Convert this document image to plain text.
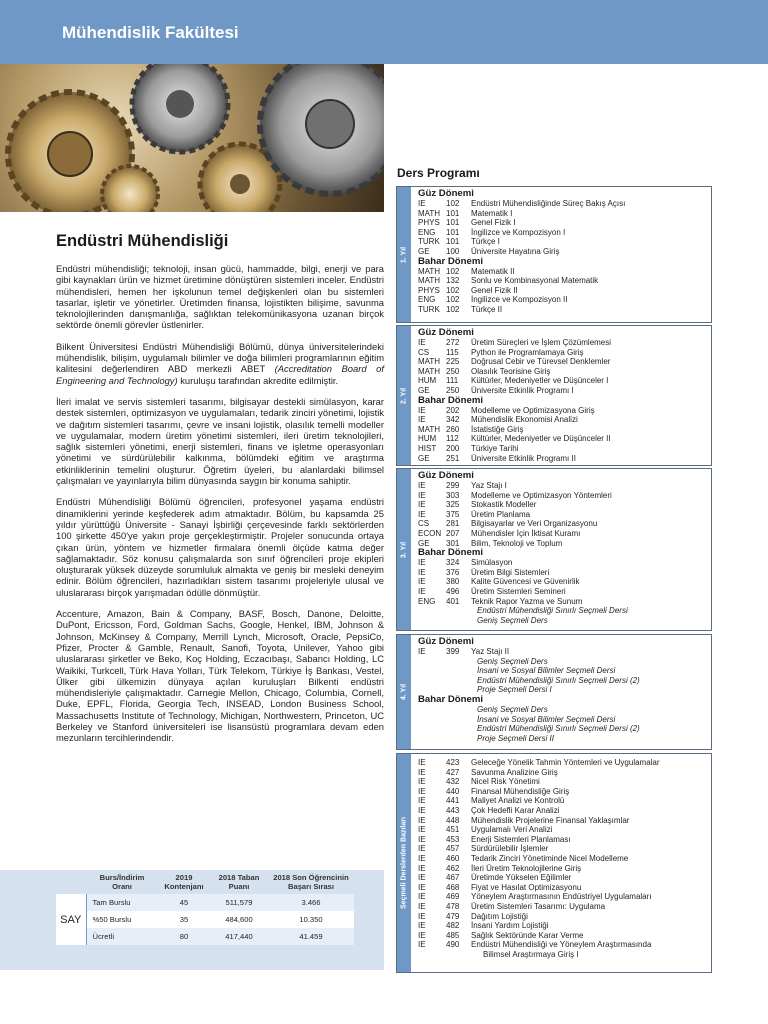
Mühendislik Fakültesi
Endüstri Mühendisliği

Endüstri mühendisliği; teknoloji, insan gücü, hammadde, bilgi, enerji ve para gibi kaynakları ürün ve hizmet üretimine dönüştüren sistemleri inceler. Endüstri mühendisleri, hemen her işkolunun temel değişkenleri olan bu sistemleri tasarlar, işletir ve yönetirler. Üretimden finansa, lojistikten bilişime, savunma teknolojilerinden danışmanlığa, sağlıktan telekomünikasyona uzanan birçok sektörde önemli görevler üstlenirler.

Bilkent Üniversitesi Endüstri Mühendisliği Bölümü, dünya üniversitelerindeki mühendislik, bilişim, uygulamalı bilimler ve doğa bilimleri programlarının eğitim kalitesini değerlendiren ABD merkezli ABET (Accreditation Board of Engineering and Technology) kuruluşu tarafından akredite edilmiştir.

İleri imalat ve servis sistemleri tasarımı, bilgisayar destekli simülasyon, karar destek sistemleri, optimizasyon ve uygulamaları, tedarik zinciri yönetimi, lojistik ve dağıtım sistemleri tasarımı, çevre ve insani lojistik, olasılık temelli modeller ve uygulamalar, modern üretim yönetimi sistemleri, ileri üretim teknolojileri, sağlık sistemleri yönetimi, enerji sistemleri, finans ve işletme operasyonları yönetimi ve sürdürülebilir kalkınma, bölümdeki eğitim ve araştırma etkinliklerinin temelini oluşturur. Öğretim üyeleri, bu alanlardaki bilimsel çalışmaları ve yayınlarıyla bilim dünyasında saygın bir konuma sahiptir.

Endüstri Mühendisliği Bölümü öğrencileri, profesyonel yaşama endüstri dinamiklerini yerinde keşfederek adım atmaktadır. Bölüm, bu kapsamda 25 yıldır yürüttüğü Üniversite - Sanayi İşbirliği çerçevesinde farklı sektörlerden 100 şirkette 450'ye yakın proje gerçekleştirmiştir. Projeler sonucunda ortaya çıkan ürün, yöntem ve hizmetler firmalara önemli ölçüde katma değer sağlamaktadır. Söz konusu çalışmalarda son sınıf öğrencileri proje ekipleri oluşturarak yüksek düzeyde sorumluluk almakta ve geniş bir mesleki deneyim edinir. Bölüm öğrencileri, hazırladıkları sistem tasarımı projeleriyle ulusal ve uluslararası birçok yarışmadan ödülle dönmüştür.

Accenture, Amazon, Bain & Company, BASF, Bosch, Danone, Deloitte, DuPont, Ericsson, Ford, Goldman Sachs, Google, Henkel, IBM, Johnson & Johnson, McKinsey & Company, Merrill Lynch, Microsoft, Oracle, PepsiCo, Pfizer, Procter & Gamble, Renault, Sanofi, Toyota, Unilever, Yahoo gibi uluslararası şirketler ve Beko, Koç Holding, Eczacıbaşı, Sabancı Holding, LC Waikiki, Turkcell, Türk Hava Yolları, Türk Telekom, Türkiye İş Bankası, Vestel, Ülker gibi ülkemizin dünyaya açılan kuruluşları Bilkenti endüstri mühendisleriyle çalışmaktadır. Carnegie Mellon, Chicago, Columbia, Cornell, Duke, EPFL, Florida, Georgia Tech, INSEAD, London Business School, Massachusetts Institute of Technology, Michigan, Northwestern, Princeton, UC Berkeley ve Stanford üniversiteleri ise lisansüstü programlara devam eden mezunların tercihlerindendir.

	Burs/İndirim Oranı	2019 Kontenjanı	2018 Taban Puanı	2018 Son Öğrencinin Başarı Sırası
SAY	Tam Burslu	45	511,579	3.466
	%50 Burslu	35	484,600	10.350
	Ücretli	80	417,440	41.459
Ders Programı
1. Yıl
Güz Dönemi
IE	102	Endüstri Mühendisliğinde Süreç Bakış Açısı
MATH 101	Matematik I
PHYS 101	Genel Fizik I
ENG	101	İngilizce ve Kompozisyon I
TURK 101	Türkçe I
GE	100	Üniversite Hayatına Giriş
Bahar Dönemi
MATH 102	Matematik II
MATH 132	Sonlu ve Kombinasyonal Matematik
PHYS 102	Genel Fizik II
ENG	102	İngilizce ve Kompozisyon II
TURK 102	Türkçe II
2. Yıl
Güz Dönemi
IE	272	Üretim Süreçleri ve İşlem Çözümlemesi
CS	115	Python ile Programlamaya Giriş
MATH 225	Doğrusal Cebir ve Türevsel Denklemler
MATH 250	Olasılık Teorisine Giriş
HUM	111	Kültürler, Medeniyetler ve Düşünceler I
GE	250	Üniversite Etkinlik Programı I
Bahar Dönemi
IE	202	Modelleme ve Optimizasyona Giriş
IE	342	Mühendislik Ekonomisi Analizi
MATH 260	İstatistiğe Giriş
HUM	112	Kültürler, Medeniyetler ve Düşünceler II
HIST	200	Türkiye Tarihi
GE	251	Üniversite Etkinlik Programı II
3. Yıl
Güz Dönemi
IE	299	Yaz Stajı I
IE	303	Modelleme ve Optimizasyon Yöntemleri
IE	325	Stokastik Modeller
IE	375	Üretim Planlama
CS	281	Bilgisayarlar ve Veri Organizasyonu
ECON 207	Mühendisler İçin İktisat Kuramı
GE	301	Bilim, Teknoloji ve Toplum
Bahar Dönemi
IE	324	Simülasyon
IE	376	Üretim Bilgi Sistemleri
IE	380	Kalite Güvencesi ve Güvenirlik
IE	496	Üretim Sistemleri Semineri
ENG	401	Teknik Rapor Yazma ve Sunum
Endüstri Mühendisliği Sınırlı Seçmeli Dersi
Geniş Seçmeli Ders
4. Yıl
Güz Dönemi
IE	399	Yaz Stajı II
Geniş Seçmeli Ders
İnsani ve Sosyal Bilimler Seçmeli Dersi
Endüstri Mühendisliği Sınırlı Seçmeli Dersi (2)
Proje Seçmeli Dersi I
Bahar Dönemi
Geniş Seçmeli Ders
İnsani ve Sosyal Bilimler Seçmeli Dersi
Endüstri Mühendisliği Sınırlı Seçmeli Dersi (2)
Proje Seçmeli Dersi II
Seçmeli Derslerden Bazıları
IE	423	Geleceğe Yönelik Tahmin Yöntemleri ve Uygulamalar
IE	427	Savunma Analizine Giriş
IE	432	Nicel Risk Yönetimi
IE	440	Finansal Mühendisliğe Giriş
IE	441	Maliyet Analizi ve Kontrolü
IE	443	Çok Hedefli Karar Analizi
IE	448	Mühendislik Projelerine Finansal Yaklaşımlar
IE	451	Uygulamalı Veri Analizi
IE	453	Enerji Sistemleri Planlaması
IE	457	Sürdürülebilir İşlemler
IE	460	Tedarik Zinciri Yönetiminde Nicel Modelleme
IE	462	İleri Üretim Teknolojilerine Giriş
IE	467	Üretimde Yükselen Eğilimler
IE	468	Fiyat ve Hasılat Optimizasyonu
IE	469	Yöneylem Araştırmasının Endüstriyel Uygulamaları
IE	478	Üretim Sistemleri Tasarımı: Uygulama
IE	479	Dağıtım Lojistiği
IE	482	İnsani Yardım Lojistiği
IE	485	Sağlık Sektöründe Karar Verme
IE	490	Endüstri Mühendisliği ve Yöneylem Araştırmasında
Bilimsel Araştırmaya Giriş I
